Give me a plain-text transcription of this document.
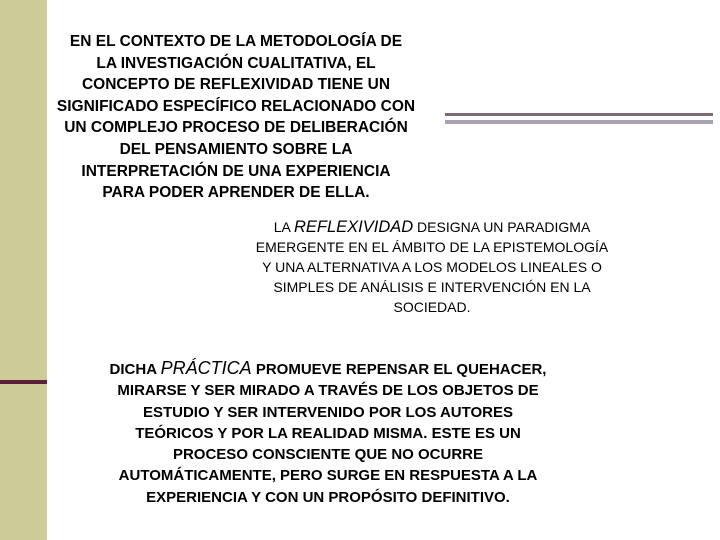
EN EL CONTEXTO DE LA METODOLOGÍA DE
LA INVESTIGACIÓN CUALITATIVA, EL
CONCEPTO DE REFLEXIVIDAD TIENE UN
SIGNIFICADO ESPECÍFICO RELACIONADO CON
UN COMPLEJO PROCESO DE DELIBERACIÓN
DEL PENSAMIENTO SOBRE LA
INTERPRETACIÓN DE UNA EXPERIENCIA
PARA PODER APRENDER DE ELLA.

LA REFLEXIVIDAD DESIGNA UN PARADIGMA
EMERGENTE EN EL ÁMBITO DE LA EPISTEMOLOGÍA
Y UNA ALTERNATIVA A LOS MODELOS LINEALES O
SIMPLES DE ANÁLISIS E INTERVENCIÓN EN LA
SOCIEDAD.

DICHA PRÁCTICA PROMUEVE REPENSAR EL QUEHACER,
MIRARSE Y SER MIRADO A TRAVÉS DE LOS OBJETOS DE
ESTUDIO Y SER INTERVENIDO POR LOS AUTORES
TEÓRICOS Y POR LA REALIDAD MISMA. ESTE ES UN
PROCESO CONSCIENTE QUE NO OCURRE
AUTOMÁTICAMENTE, PERO SURGE EN RESPUESTA A LA
EXPERIENCIA Y CON UN PROPÓSITO DEFINITIVO.
